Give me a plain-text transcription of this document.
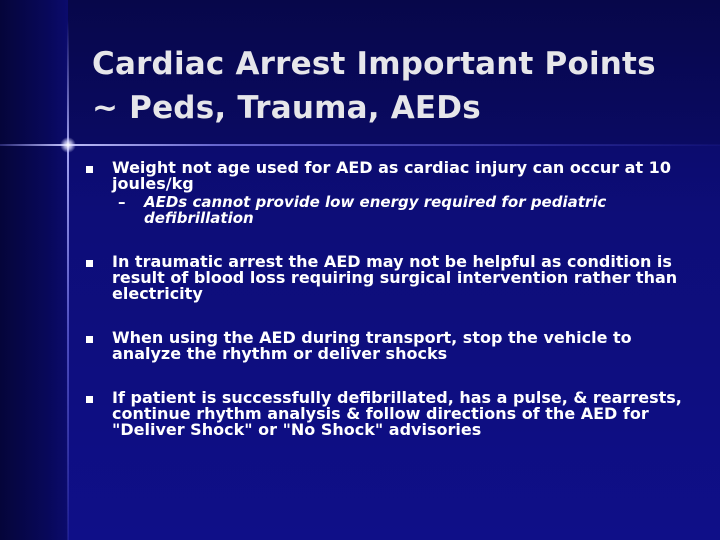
Cardiac Arrest Important Points
~ Peds, Trauma, AEDs
Weight not age used for AED as cardiac injury can occur at 10 joules/kg
– AEDs cannot provide low energy required for pediatric defibrillation
In traumatic arrest the AED may not be helpful as condition is result of blood loss requiring surgical intervention rather than electricity
When using the AED during transport, stop the vehicle to analyze the rhythm or deliver shocks
If patient is successfully defibrillated, has a pulse, & rearrests, continue rhythm analysis & follow directions of the AED for "Deliver Shock" or "No Shock" advisories
